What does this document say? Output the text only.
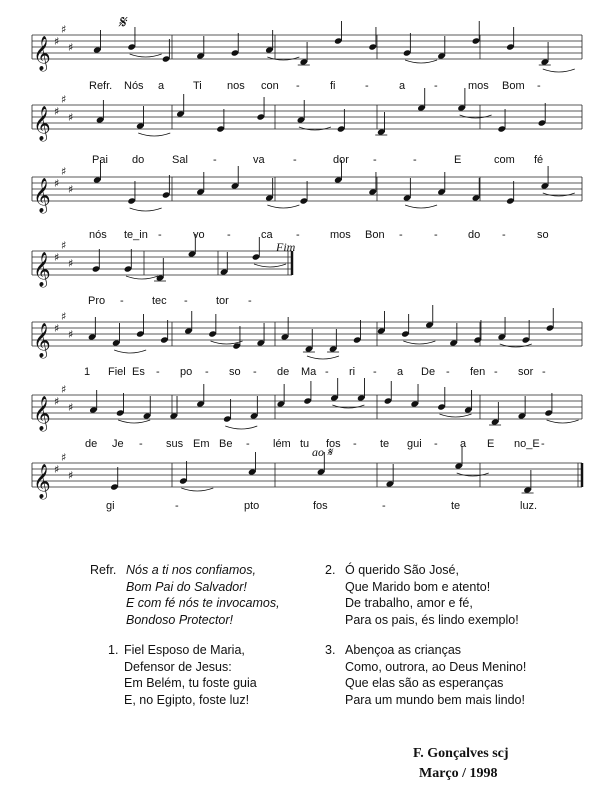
𝄞 ♯
♯
♯
𝄞 ♯
♯
♯
𝄞 ♯
♯
♯
𝄞 ♯
♯
♯
𝄞 ♯
♯
♯
𝄞 ♯
♯
♯
𝄞 ♯
♯
♯
Refr. Nós a	Ti nos con -	fi	-	a	-	mos Bom -
Pai do	Sal -	va	-	dor -	-	E	com fé
nós te_in -	vo -	ca -	mos Bon -	-	do -	so
Pro -	tec -	tor -
1 Fiel Es - po - so - de Ma - ri - a De - fen - sor -
de Je - sus Em Be - lém tu fos - te gui - a E no_E -
gi	-	pto	fos	-	te	luz.
𝄋
Fim
ao 𝄋
Refr. Nós a ti nos confiamos,
Bom Pai do Salvador!
E com fé nós te invocamos,
Bondoso Protector!
1. Fiel Esposo de Maria,
Defensor de Jesus:
Em Belém, tu foste guia
E, no Egipto, foste luz!
2. Ó querido São José,
Que Marido bom e atento!
De trabalho, amor e fé,
Para os pais, és lindo exemplo!
3. Abençoa as crianças
Como, outrora, ao Deus Menino!
Que elas são as esperanças
Para um mundo bem mais lindo!
F. Gonçalves scj
Março / 1998
